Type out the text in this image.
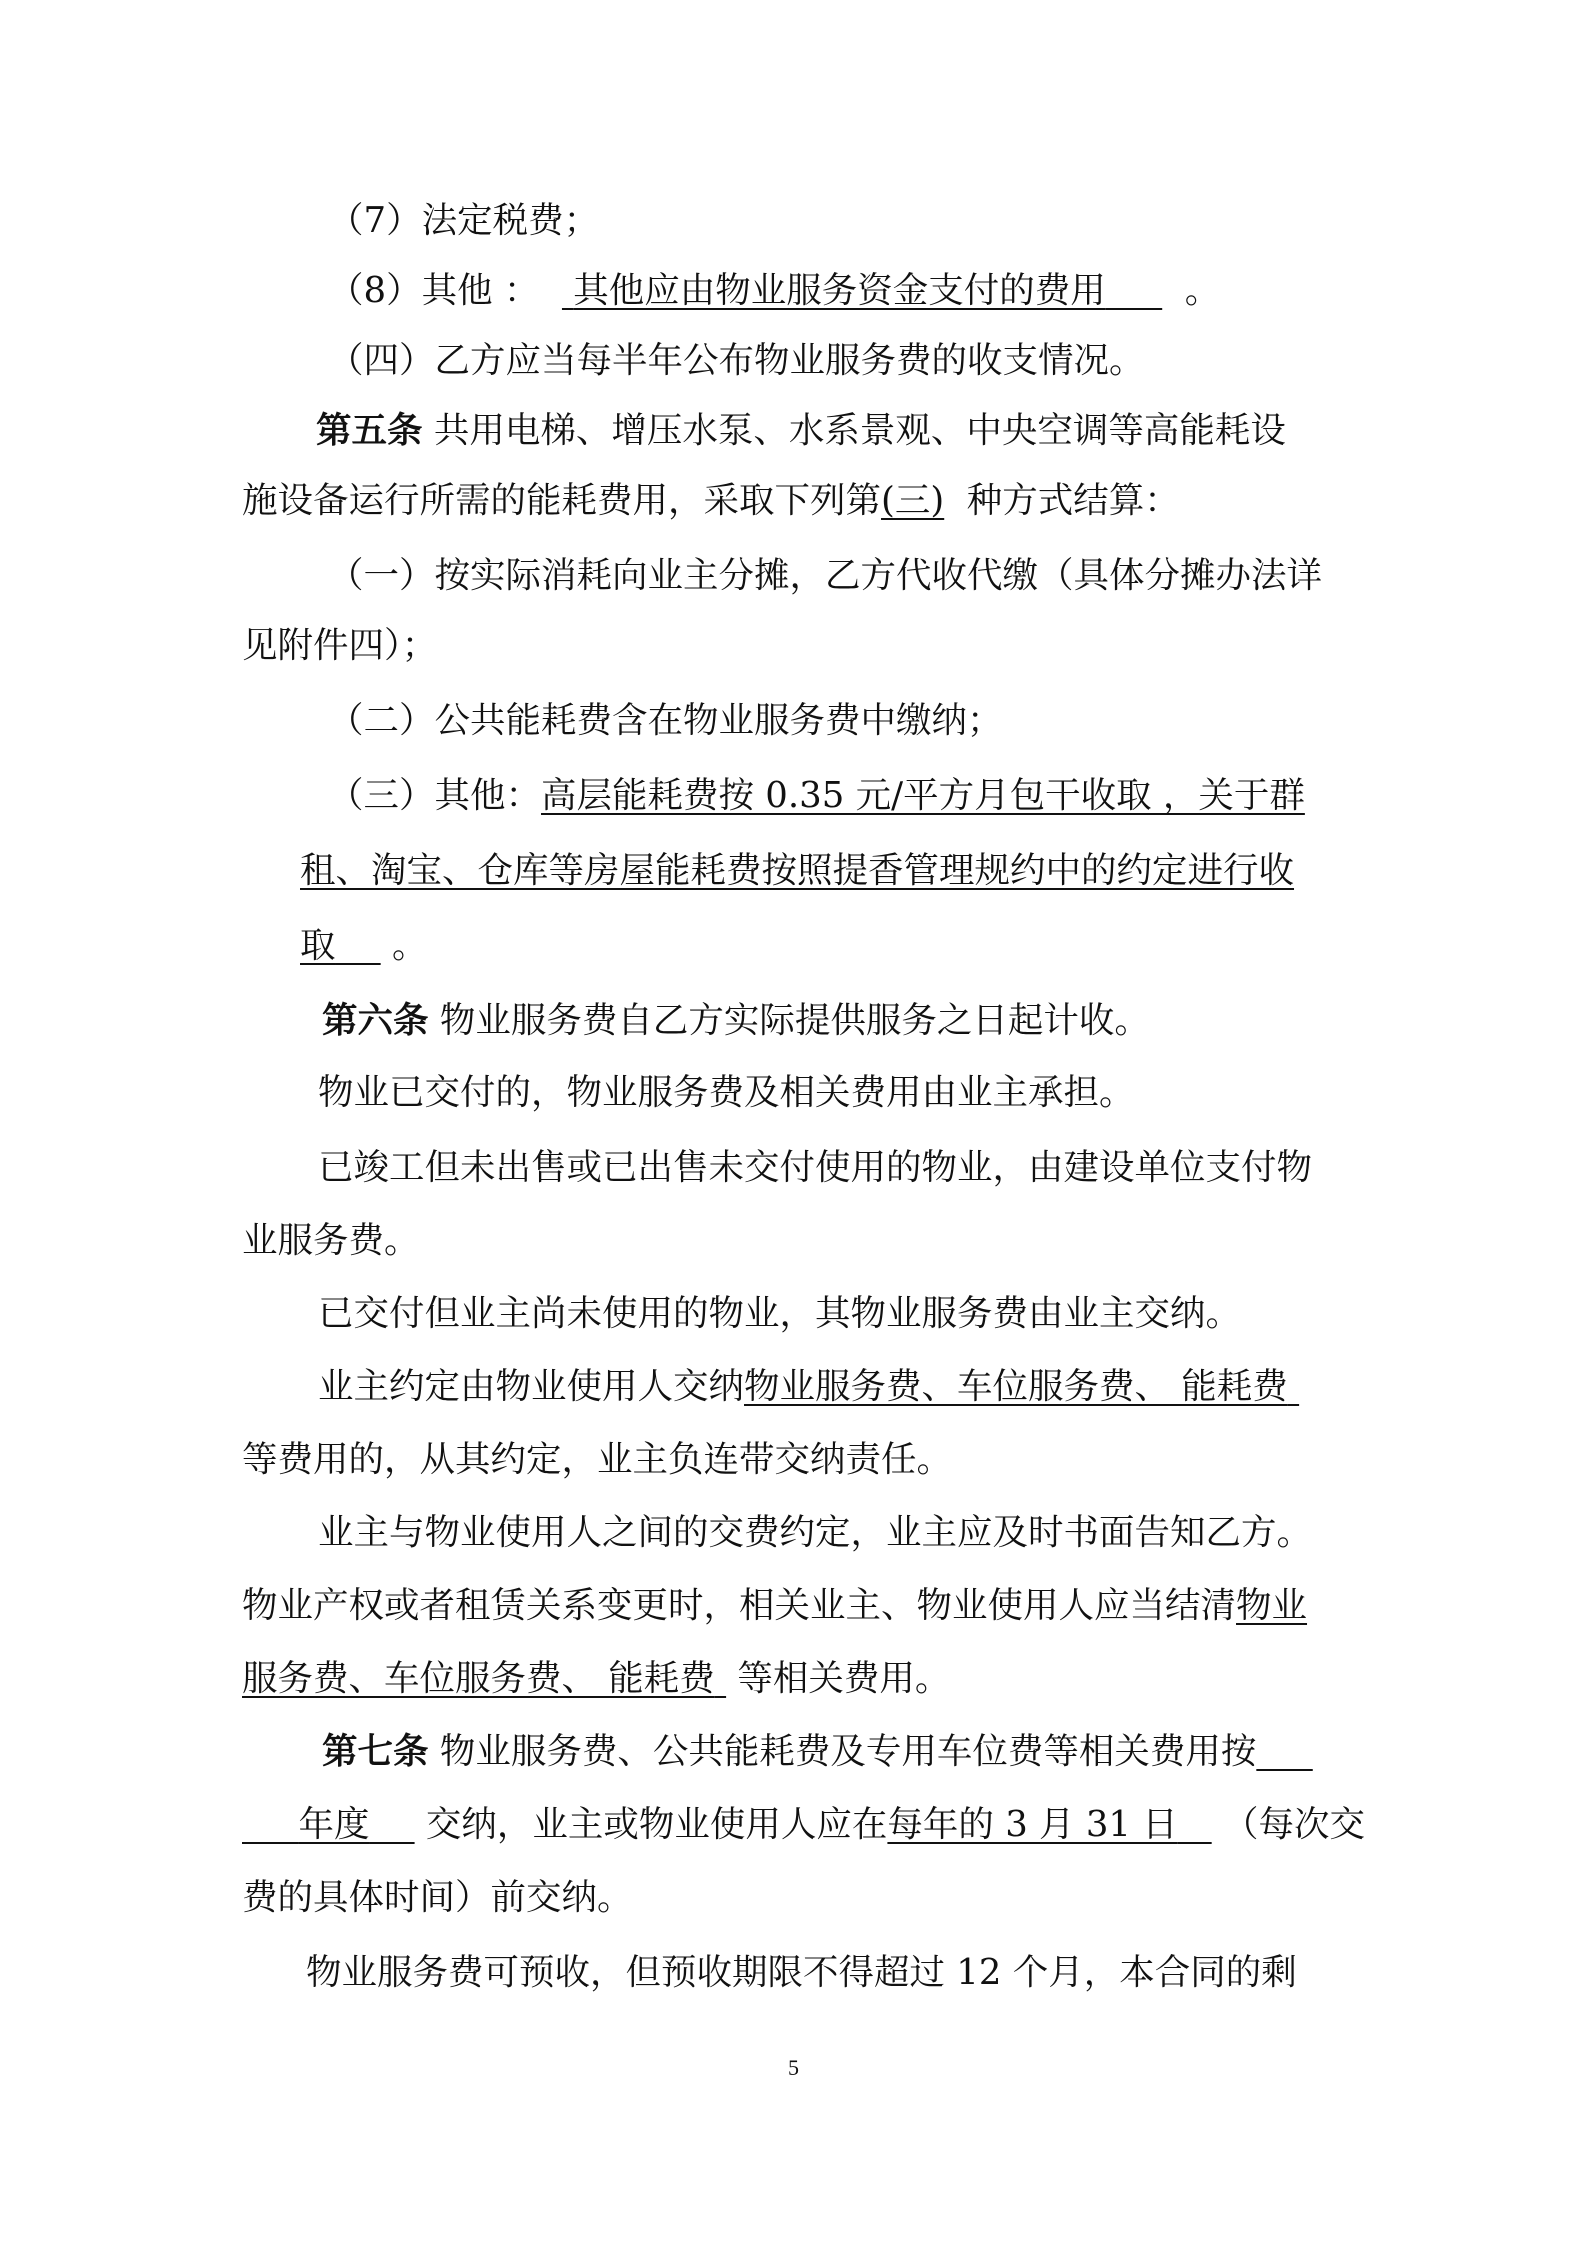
（7）法定税费；
（8）其他 ： 其他应由物业服务资金支付的费用 。
（四）乙方应当每半年公布物业服务费的收支情况。
第五条 共用电梯、增压水泵、水系景观、中央空调等高能耗设
施设备运行所需的能耗费用，采取下列第(三) 种方式结算：
（一）按实际消耗向业主分摊，乙方代收代缴（具体分摊办法详
见附件四）；
（二）公共能耗费含在物业服务费中缴纳；
（三）其他：高层能耗费按 0.35 元/平方月包干收取 ，关于群
租、淘宝、仓库等房屋能耗费按照提香管理规约中的约定进行收
取 。
第六条 物业服务费自乙方实际提供服务之日起计收。
物业已交付的，物业服务费及相关费用由业主承担。
已竣工但未出售或已出售未交付使用的物业，由建设单位支付物
业服务费。
已交付但业主尚未使用的物业，其物业服务费由业主交纳。
业主约定由物业使用人交纳物业服务费、车位服务费、 能耗费
等费用的，从其约定，业主负连带交纳责任。
业主与物业使用人之间的交费约定，业主应及时书面告知乙方。
物业产权或者租赁关系变更时，相关业主、物业使用人应当结清物业
服务费、车位服务费、 能耗费 等相关费用。
第七条 物业服务费、公共能耗费及专用车位费等相关费用按
年度 交纳，业主或物业使用人应在每年的 3 月 31 日 （每次交
费的具体时间）前交纳。
物业服务费可预收，但预收期限不得超过 12 个月，本合同的剩
5
